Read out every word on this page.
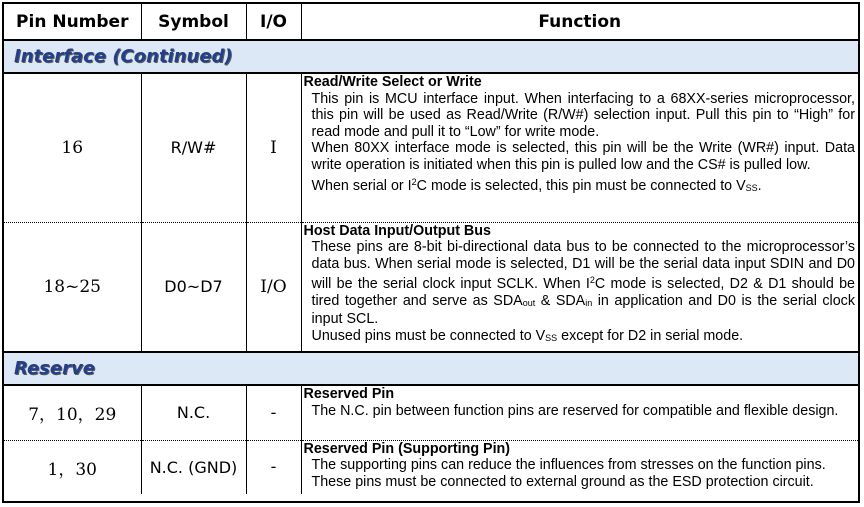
Pin Number	Symbol	I/O	Function
Interface (Continued)			
16	R/W#	I	Read/Write Select or Write
This pin is MCU interface input. When interfacing to a 68XX-series microprocessor, this pin will be used as Read/Write (R/W#) selection input. Pull this pin to “High” for read mode and pull it to “Low” for write mode.
When 80XX interface mode is selected, this pin will be the Write (WR#) input. Data write operation is initiated when this pin is pulled low and the CS# is pulled low.
When serial or $I^2C$ mode is selected, this pin must be connected to VSS.

18~25	D0~D7	I/O	Host Data Input/Output Bus
These pins are 8-bit bi-directional data bus to be connected to the microprocessor’s data bus. When serial mode is selected, D1 will be the serial data input SDIN and D0 will be the serial clock input SCLK. When $I^2C$ mode is selected, D2 & D1 should be tired together and serve as SDAout & SDAin in application and D0 is the serial clock input SCL.
Unused pins must be connected to VSS except for D2 in serial mode.

Reserve			
7，10，29	N.C.	-	Reserved Pin
The N.C. pin between function pins are reserved for compatible and flexible design.

1，30	N.C. (GND)	-	Reserved Pin (Supporting Pin)
The supporting pins can reduce the influences from stresses on the function pins.
These pins must be connected to external ground as the ESD protection circuit.
